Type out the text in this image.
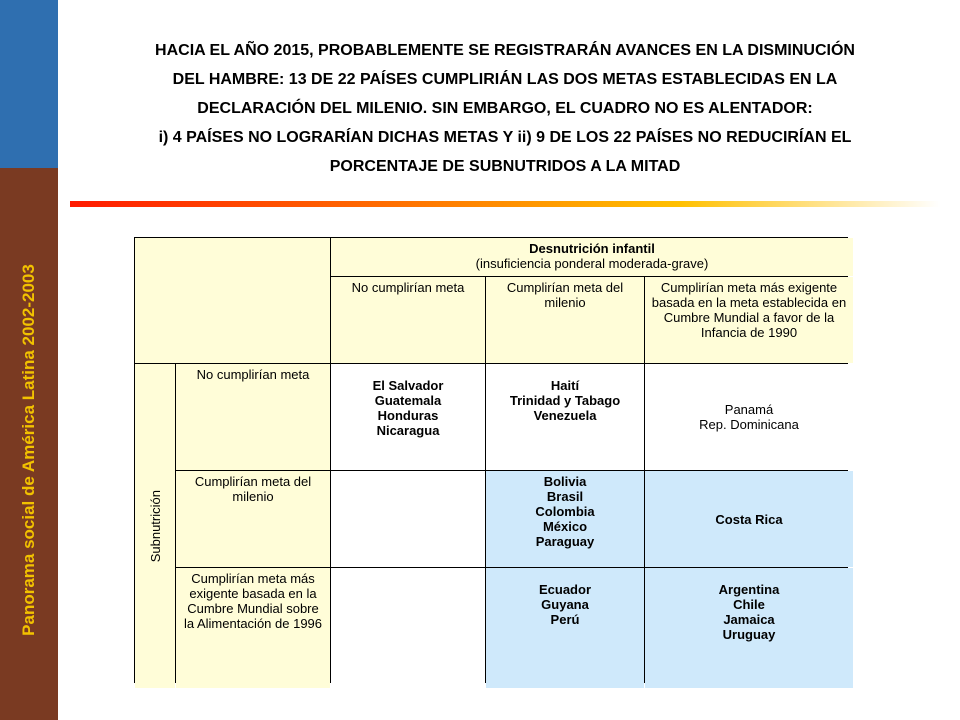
Panorama social de América Latina 2002-2003
HACIA EL AÑO 2015, PROBABLEMENTE SE REGISTRARÁN AVANCES EN LA DISMINUCIÓN
DEL HAMBRE: 13 DE 22 PAÍSES CUMPLIRIÁN LAS DOS METAS ESTABLECIDAS EN LA
DECLARACIÓN DEL MILENIO. SIN EMBARGO, EL CUADRO NO ES ALENTADOR:
i) 4 PAÍSES NO LOGRARÍAN DICHAS METAS Y ii) 9 DE LOS 22 PAÍSES NO REDUCIRÍAN EL
PORCENTAJE DE SUBNUTRIDOS A LA MITAD
Desnutrición infantil
(insuficiencia ponderal moderada-grave)
No cumplirían meta	Cumplirían meta del milenio
Cumplirían meta más exigente basada en la meta establecida en Cumbre Mundial a favor de la Infancia de 1990
Subnutrición
No cumplirían meta
Cumplirían meta del milenio
Cumplirían meta más exigente basada en la Cumbre Mundial sobre la Alimentación de 1996
El Salvador
Guatemala
Honduras
Nicaragua
Haití
Trinidad y Tabago
Venezuela	Panamá
Rep. Dominicana
Bolivia
Brasil
Colombia
México
Paraguay
Costa Rica
Ecuador
Guyana
Perú
Argentina
Chile
Jamaica
Uruguay
